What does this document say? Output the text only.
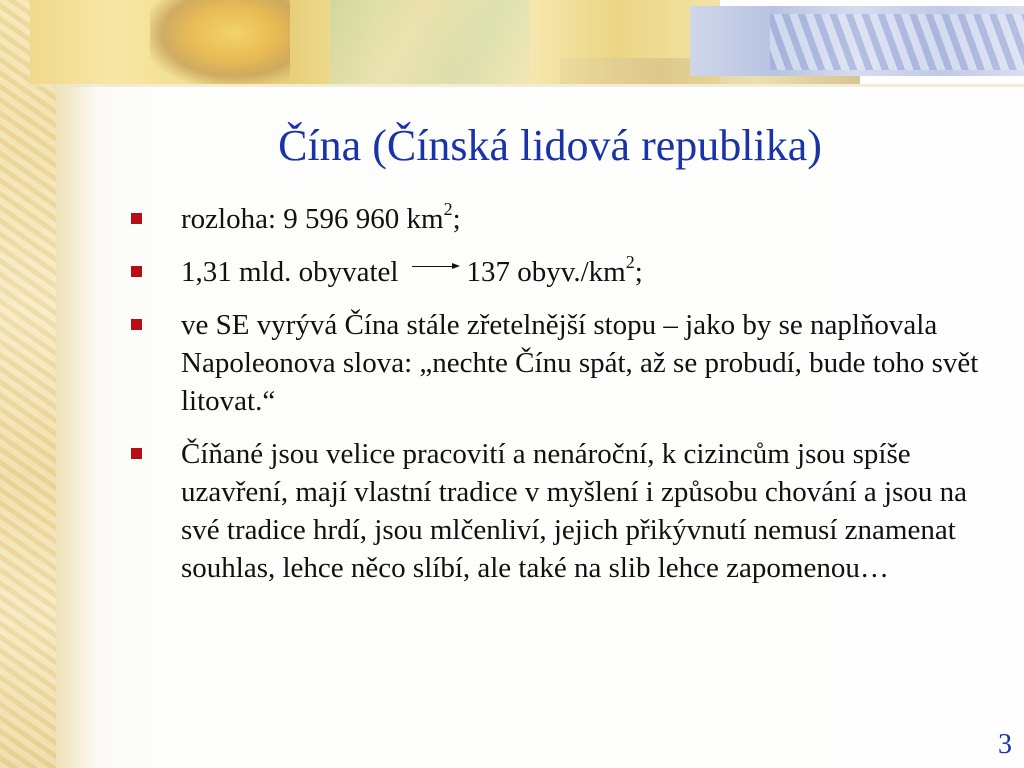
Čína (Čínská lidová republika)
rozloha: 9 596 960 $km^2$;
1,31 mld. obyvatel 137 $obyv./km^2$;
ve SE vyrývá Čína stále zřetelnější stopu – jako by se naplňovala Napoleonova slova: „nechte Čínu spát, až se probudí, bude toho svět litovat.“
Číňané jsou velice pracovití a nenároční, k cizincům jsou spíše uzavření, mají vlastní tradice v myšlení i způsobu chování a jsou na své tradice hrdí, jsou mlčenliví, jejich přikývnutí nemusí znamenat souhlas, lehce něco slíbí, ale také na slib lehce zapomenou…
3
